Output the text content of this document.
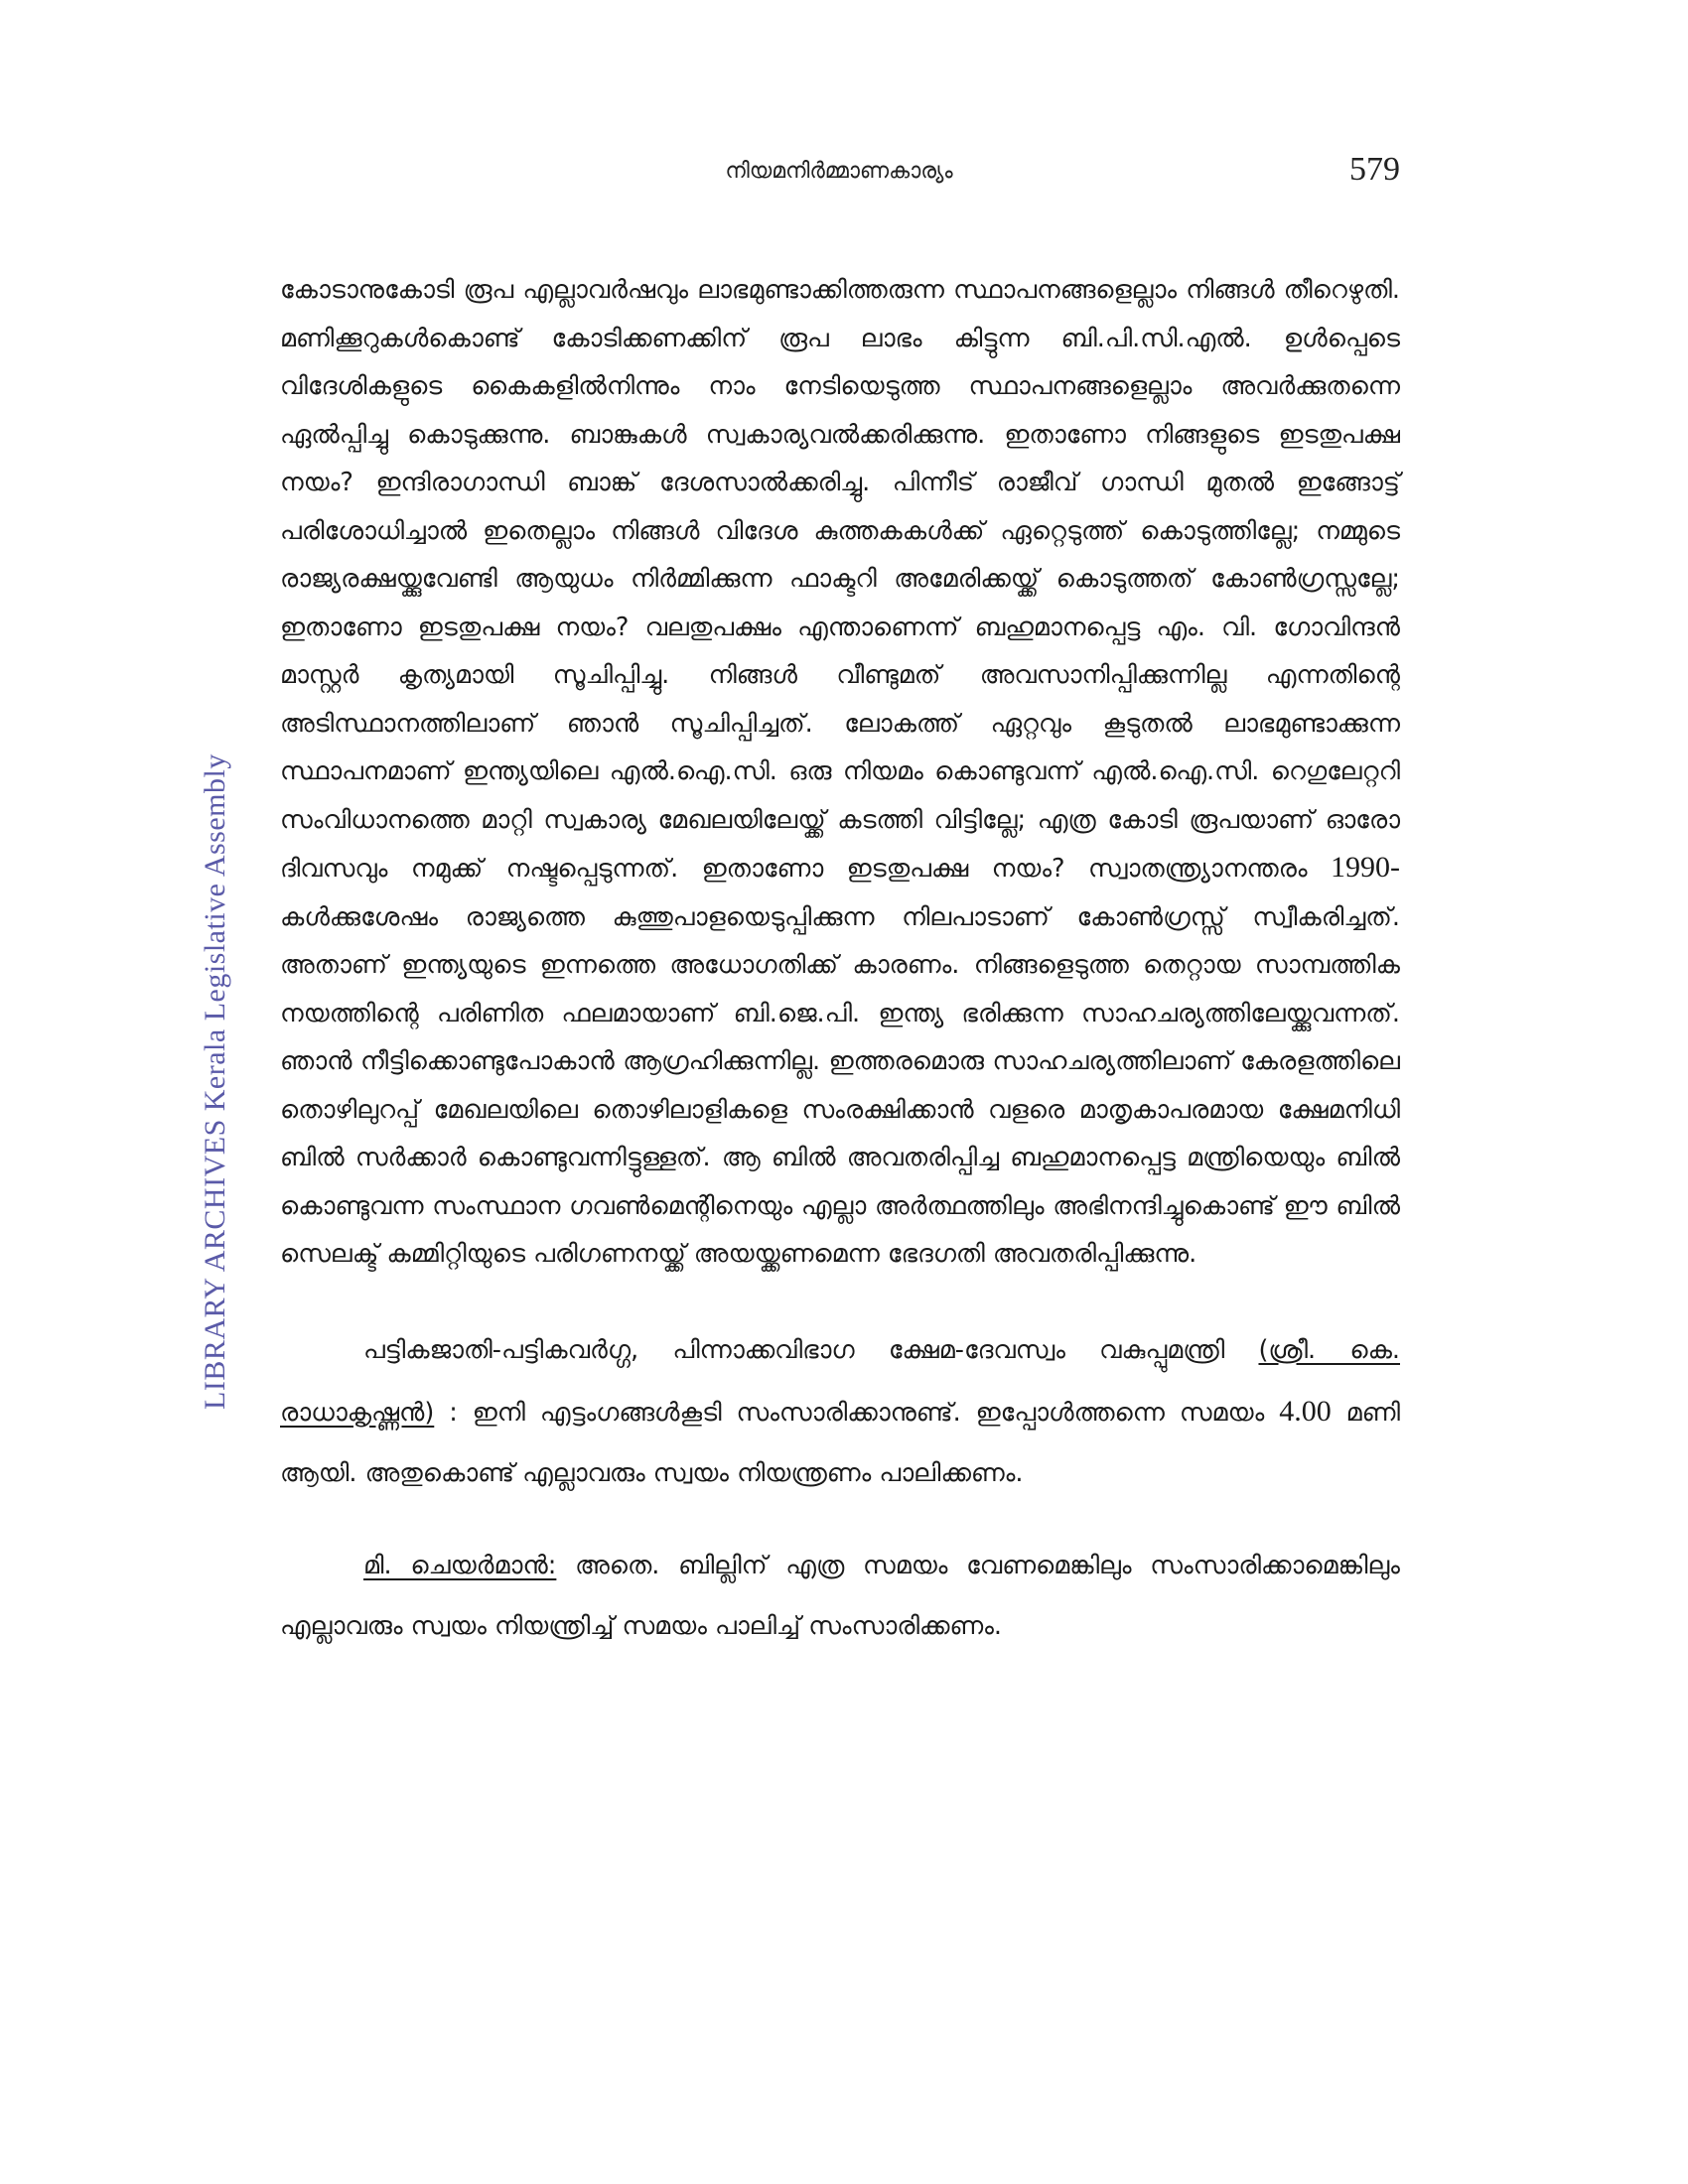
നിയമനിർമ്മാണകാര്യം	579
LIBRARY ARCHIVES Kerala Legislative Assembly

കോടാനുകോടി രൂപ എല്ലാവർഷവും ലാഭമുണ്ടാക്കിത്തരുന്ന സ്ഥാപനങ്ങളെല്ലാം നിങ്ങൾ തീറെഴുതി. മണിക്കൂറുകൾകൊണ്ട് കോടിക്കണക്കിന് രൂപ ലാഭം കിട്ടുന്ന ബി.പി.സി.എൽ. ഉൾപ്പെടെ വിദേശികളുടെ കൈകളിൽനിന്നും നാം നേടിയെടുത്ത സ്ഥാപനങ്ങളെല്ലാം അവർക്കുതന്നെ ഏൽപ്പിച്ചു കൊടുക്കുന്നു. ബാങ്കുകൾ സ്വകാര്യവൽക്കരിക്കുന്നു. ഇതാണോ നിങ്ങളുടെ ഇടതുപക്ഷ നയം? ഇന്ദിരാഗാന്ധി ബാങ്ക് ദേശസാൽക്കരിച്ചു. പിന്നീട് രാജീവ് ഗാന്ധി മുതൽ ഇങ്ങോട്ട് പരിശോധിച്ചാൽ ഇതെല്ലാം നിങ്ങൾ വിദേശ കുത്തകകൾക്ക് ഏറ്റെടുത്ത് കൊടുത്തില്ലേ; നമ്മുടെ രാജ്യരക്ഷയ്ക്കുവേണ്ടി ആയുധം നിർമ്മിക്കുന്ന ഫാക്ടറി അമേരിക്കയ്ക്ക് കൊടുത്തത് കോൺഗ്രസ്സല്ലേ; ഇതാണോ ഇടതുപക്ഷ നയം? വലതുപക്ഷം എന്താണെന്ന് ബഹുമാനപ്പെട്ട എം. വി. ഗോവിന്ദൻ മാസ്റ്റർ കൃത്യമായി സൂചിപ്പിച്ചു. നിങ്ങൾ വീണ്ടുമത് അവസാനിപ്പിക്കുന്നില്ല എന്നതിന്റെ അടിസ്ഥാനത്തിലാണ് ഞാൻ സൂചിപ്പിച്ചത്. ലോകത്ത് ഏറ്റവും കൂടുതൽ ലാഭമുണ്ടാക്കുന്ന സ്ഥാപനമാണ് ഇന്ത്യയിലെ എൽ.ഐ.സി. ഒരു നിയമം കൊണ്ടുവന്ന് എൽ.ഐ.സി. റെഗുലേറ്ററി സംവിധാനത്തെ മാറ്റി സ്വകാര്യ മേഖലയിലേയ്ക്ക് കടത്തി വിട്ടില്ലേ; എത്ര കോടി രൂപയാണ് ഓരോ ദിവസവും നമുക്ക് നഷ്ടപ്പെടുന്നത്. ഇതാണോ ഇടതുപക്ഷ നയം? സ്വാതന്ത്ര്യാനന്തരം 1990-കൾക്കുശേഷം രാജ്യത്തെ കുത്തുപാളയെടുപ്പിക്കുന്ന നിലപാടാണ് കോൺഗ്രസ്സ് സ്വീകരിച്ചത്. അതാണ് ഇന്ത്യയുടെ ഇന്നത്തെ അധോഗതിക്ക് കാരണം. നിങ്ങളെടുത്ത തെറ്റായ സാമ്പത്തിക നയത്തിന്റെ പരിണിത ഫലമായാണ് ബി.ജെ.പി. ഇന്ത്യ ഭരിക്കുന്ന സാഹചര്യത്തിലേയ്ക്കുവന്നത്. ഞാൻ നീട്ടിക്കൊണ്ടുപോകാൻ ആഗ്രഹിക്കുന്നില്ല. ഇത്തരമൊരു സാഹചര്യത്തിലാണ് കേരളത്തിലെ തൊഴിലുറപ്പ് മേഖലയിലെ തൊഴിലാളികളെ സംരക്ഷിക്കാൻ വളരെ മാതൃകാപരമായ ക്ഷേമനിധി ബിൽ സർക്കാർ കൊണ്ടുവന്നിട്ടുള്ളത്. ആ ബിൽ അവതരിപ്പിച്ച ബഹുമാനപ്പെട്ട മന്ത്രിയെയും ബിൽ കൊണ്ടുവന്ന സംസ്ഥാന ഗവൺമെന്റിനെയും എല്ലാ അർത്ഥത്തിലും അഭിനന്ദിച്ചുകൊണ്ട് ഈ ബിൽ സെലക്ട് കമ്മിറ്റിയുടെ പരിഗണനയ്ക്ക് അയയ്ക്കണമെന്ന ഭേദഗതി അവതരിപ്പിക്കുന്നു.

പട്ടികജാതി-പട്ടികവർഗ്ഗ, പിന്നാക്കവിഭാഗ ക്ഷേമ-ദേവസ്വം വകുപ്പുമന്ത്രി (ശ്രീ. കെ. രാധാകൃഷ്ണൻ) : ഇനി എട്ടംഗങ്ങൾകൂടി സംസാരിക്കാനുണ്ട്. ഇപ്പോൾത്തന്നെ സമയം 4.00 മണി ആയി. അതുകൊണ്ട് എല്ലാവരും സ്വയം നിയന്ത്രണം പാലിക്കണം.

മി. ചെയർമാൻ: അതെ. ബില്ലിന് എത്ര സമയം വേണമെങ്കിലും സംസാരിക്കാമെങ്കിലും എല്ലാവരും സ്വയം നിയന്ത്രിച്ച് സമയം പാലിച്ച് സംസാരിക്കണം.
